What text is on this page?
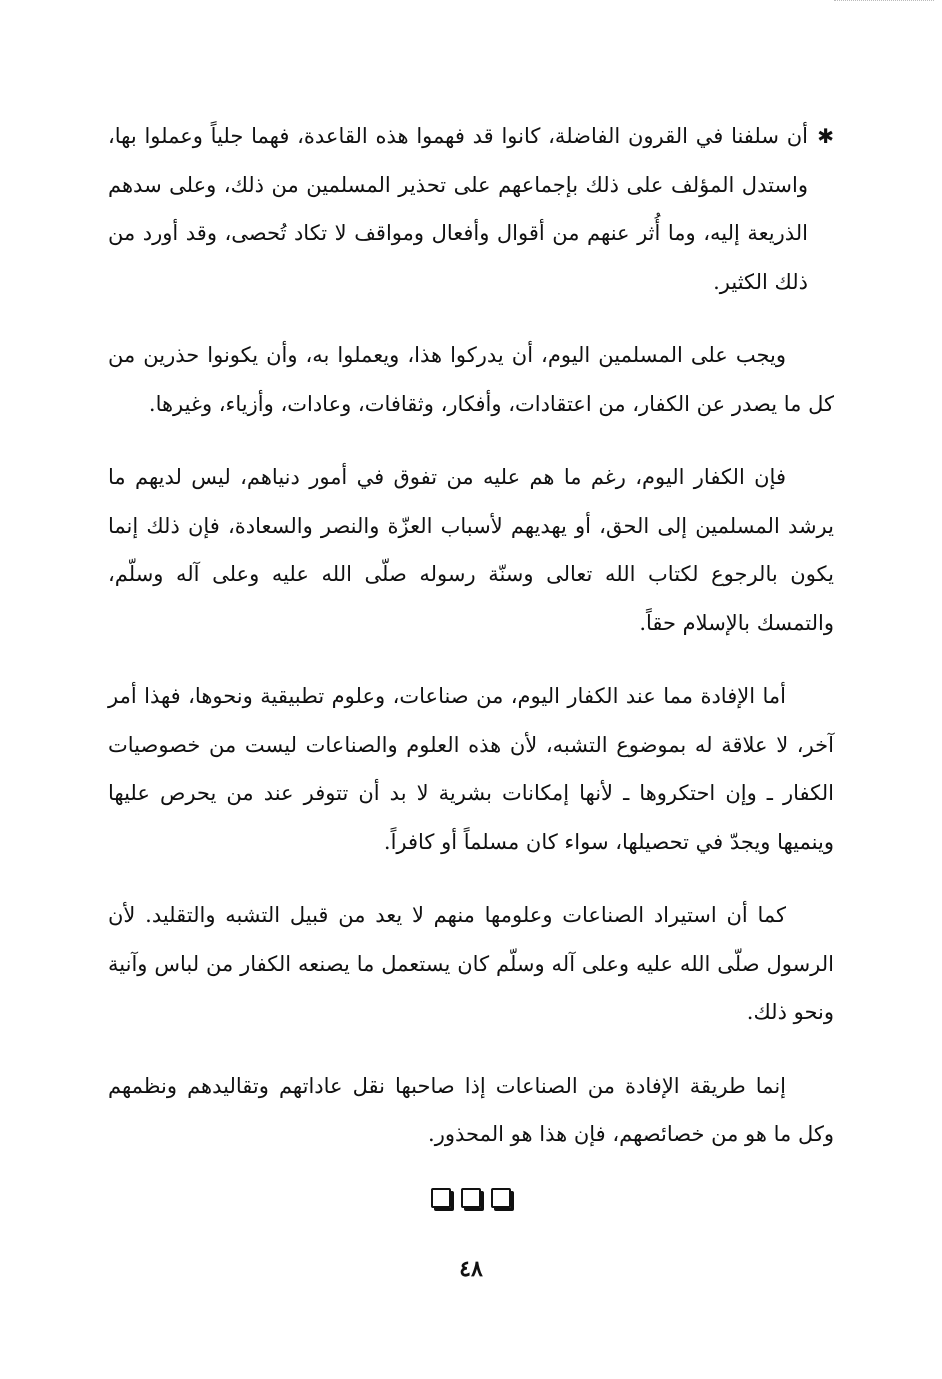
✱
أن سلفنا في القرون الفاضلة، كانوا قد فهموا هذه القاعدة، فهما جلياً وعملوا بها، واستدل المؤلف على ذلك بإجماعهم على تحذير المسلمين من ذلك، وعلى سدهم الذريعة إليه، وما أُثر عنهم من أقوال وأفعال ومواقف لا تكاد تُحصى، وقد أورد من ذلك الكثير.

ويجب على المسلمين اليوم، أن يدركوا هذا، ويعملوا به، وأن يكونوا حذرين من كل ما يصدر عن الكفار، من اعتقادات، وأفكار، وثقافات، وعادات، وأزياء، وغيرها.

فإن الكفار اليوم، رغم ما هم عليه من تفوق في أمور دنياهم، ليس لديهم ما يرشد المسلمين إلى الحق، أو يهديهم لأسباب العزّة والنصر والسعادة، فإن ذلك إنما يكون بالرجوع لكتاب الله تعالى وسنّة رسوله صلّى الله عليه وعلى آله وسلّم، والتمسك بالإسلام حقاً.

أما الإفادة مما عند الكفار اليوم، من صناعات، وعلوم تطبيقية ونحوها، فهذا أمر آخر، لا علاقة له بموضوع التشبه، لأن هذه العلوم والصناعات ليست من خصوصيات الكفار ـ وإن احتكروها ـ لأنها إمكانات بشرية لا بد أن تتوفر عند من يحرص عليها وينميها ويجدّ في تحصيلها، سواء كان مسلماً أو كافراً.

كما أن استيراد الصناعات وعلومها منهم لا يعد من قبيل التشبه والتقليد. لأن الرسول صلّى الله عليه وعلى آله وسلّم كان يستعمل ما يصنعه الكفار من لباس وآنية ونحو ذلك.

إنما طريقة الإفادة من الصناعات إذا صاحبها نقل عاداتهم وتقاليدهم ونظمهم وكل ما هو من خصائصهم، فإن هذا هو المحذور.

٤٨
